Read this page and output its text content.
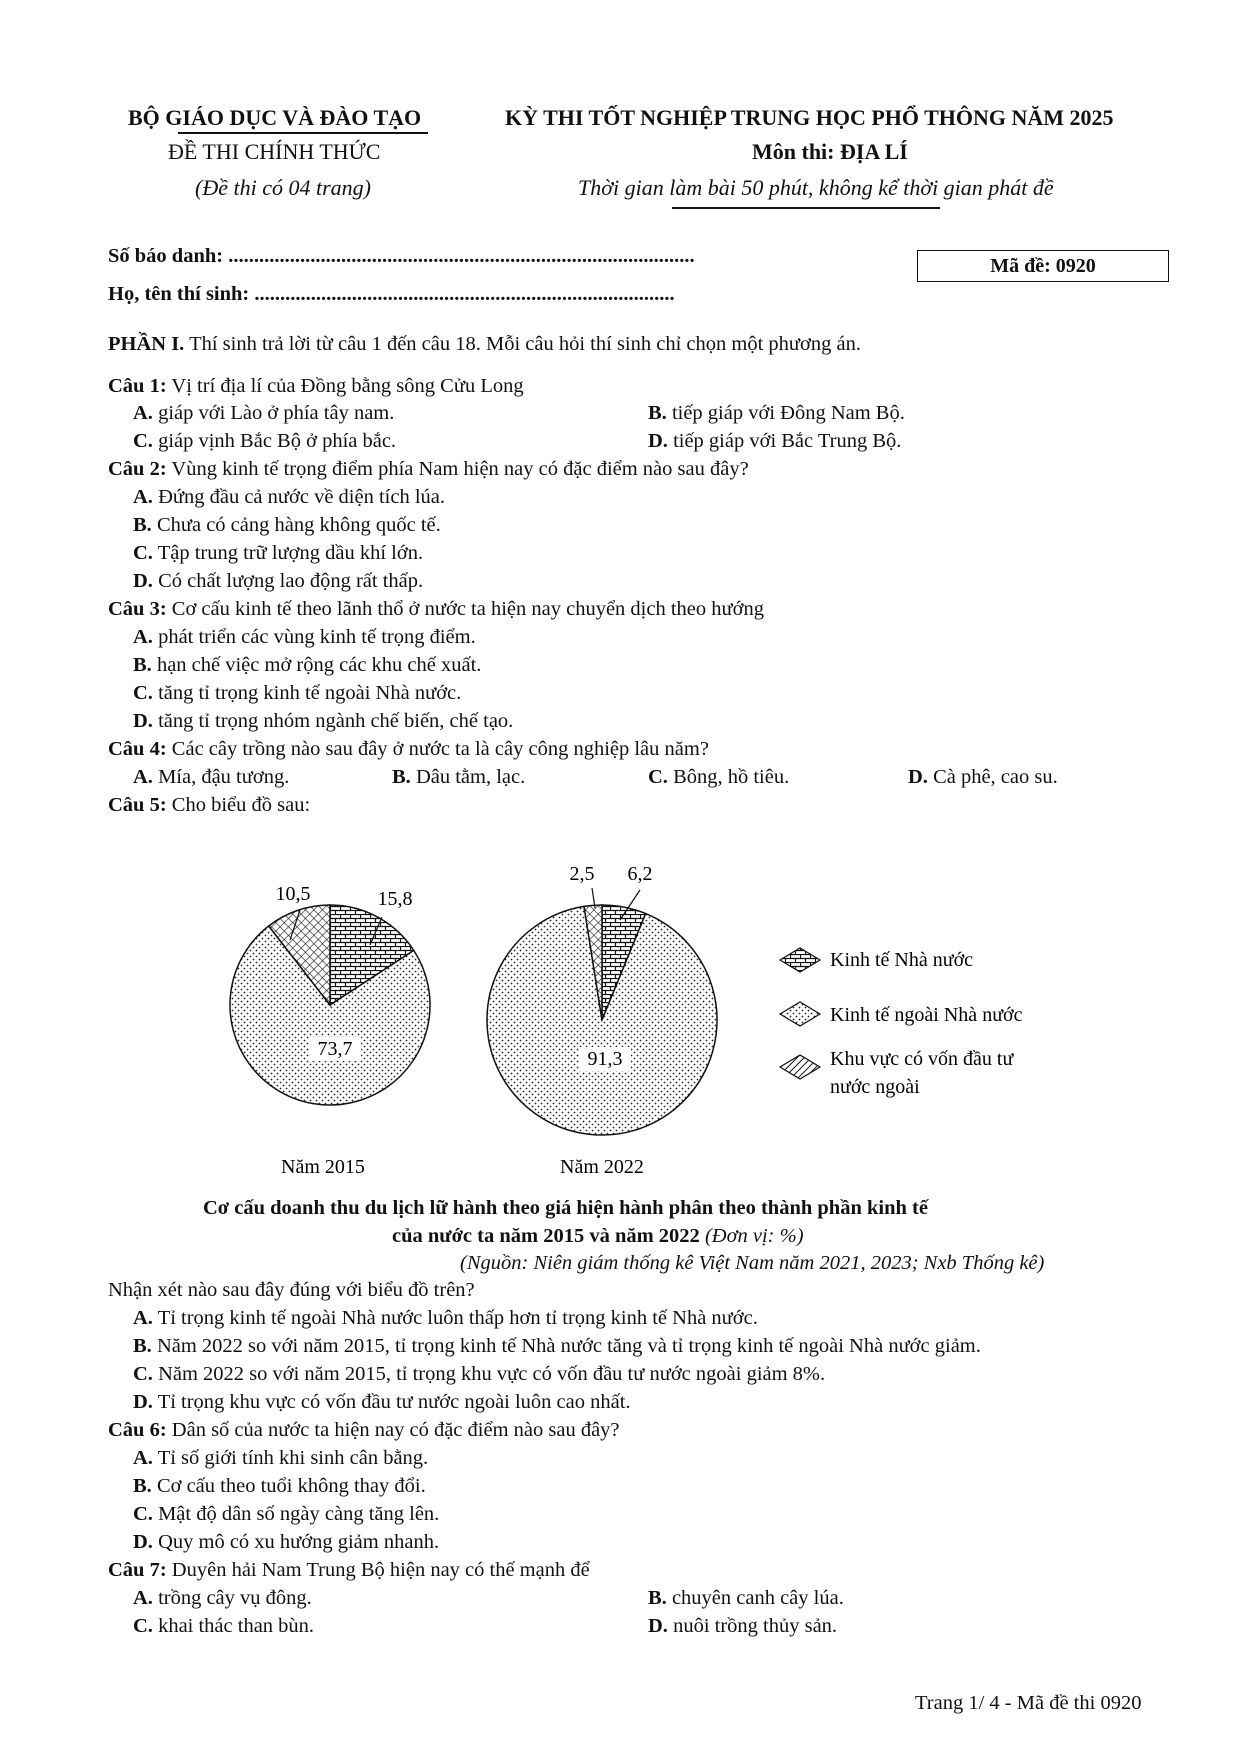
BỘ GIÁO DỤC VÀ ĐÀO TẠO
ĐỀ THI CHÍNH THỨC
(Đề thi có 04 trang)
KỲ THI TỐT NGHIỆP TRUNG HỌC PHỔ THÔNG NĂM 2025
Môn thi: ĐỊA LÍ
Thời gian làm bài 50 phút, không kể thời gian phát đề
Số báo danh: ...........................................................................................
Họ, tên thí sinh: ..................................................................................
Mã đề: 0920
PHẦN I. Thí sinh trả lời từ câu 1 đến câu 18. Mỗi câu hỏi thí sinh chỉ chọn một phương án.
Câu 1: Vị trí địa lí của Đồng bằng sông Cửu Long
A. giáp với Lào ở phía tây nam.	B. tiếp giáp với Đông Nam Bộ.
C. giáp vịnh Bắc Bộ ở phía bắc.	D. tiếp giáp với Bắc Trung Bộ.
Câu 2: Vùng kinh tế trọng điểm phía Nam hiện nay có đặc điểm nào sau đây?
A. Đứng đầu cả nước về diện tích lúa.
B. Chưa có cảng hàng không quốc tế.
C. Tập trung trữ lượng dầu khí lớn.
D. Có chất lượng lao động rất thấp.
Câu 3: Cơ cấu kinh tế theo lãnh thổ ở nước ta hiện nay chuyển dịch theo hướng
A. phát triển các vùng kinh tế trọng điểm.
B. hạn chế việc mở rộng các khu chế xuất.
C. tăng tỉ trọng kinh tế ngoài Nhà nước.
D. tăng tỉ trọng nhóm ngành chế biến, chế tạo.
Câu 4: Các cây trồng nào sau đây ở nước ta là cây công nghiệp lâu năm?
A. Mía, đậu tương.	B. Dâu tằm, lạc.	C. Bông, hồ tiêu.	D. Cà phê, cao su.
Câu 5: Cho biểu đồ sau:
15,8
73,7
10,5
Năm 2015
6,2
91,3
2,5
Năm 2022
Kinh tế Nhà nước
Kinh tế ngoài Nhà nước
Khu vực có vốn đầu tư
nước ngoài
Cơ cấu doanh thu du lịch lữ hành theo giá hiện hành phân theo thành phần kinh tế
của nước ta năm 2015 và năm 2022 (Đơn vị: %)
(Nguồn: Niên giám thống kê Việt Nam năm 2021, 2023; Nxb Thống kê)
Nhận xét nào sau đây đúng với biểu đồ trên?
A. Tỉ trọng kinh tế ngoài Nhà nước luôn thấp hơn tỉ trọng kinh tế Nhà nước.
B. Năm 2022 so với năm 2015, tỉ trọng kinh tế Nhà nước tăng và tỉ trọng kinh tế ngoài Nhà nước giảm.
C. Năm 2022 so với năm 2015, tỉ trọng khu vực có vốn đầu tư nước ngoài giảm 8%.
D. Tỉ trọng khu vực có vốn đầu tư nước ngoài luôn cao nhất.
Câu 6: Dân số của nước ta hiện nay có đặc điểm nào sau đây?
A. Tỉ số giới tính khi sinh cân bằng.
B. Cơ cấu theo tuổi không thay đổi.
C. Mật độ dân số ngày càng tăng lên.
D. Quy mô có xu hướng giảm nhanh.
Câu 7: Duyên hải Nam Trung Bộ hiện nay có thế mạnh để
A. trồng cây vụ đông.	B. chuyên canh cây lúa.
C. khai thác than bùn.	D. nuôi trồng thủy sản.
Trang 1/ 4 - Mã đề thi 0920
